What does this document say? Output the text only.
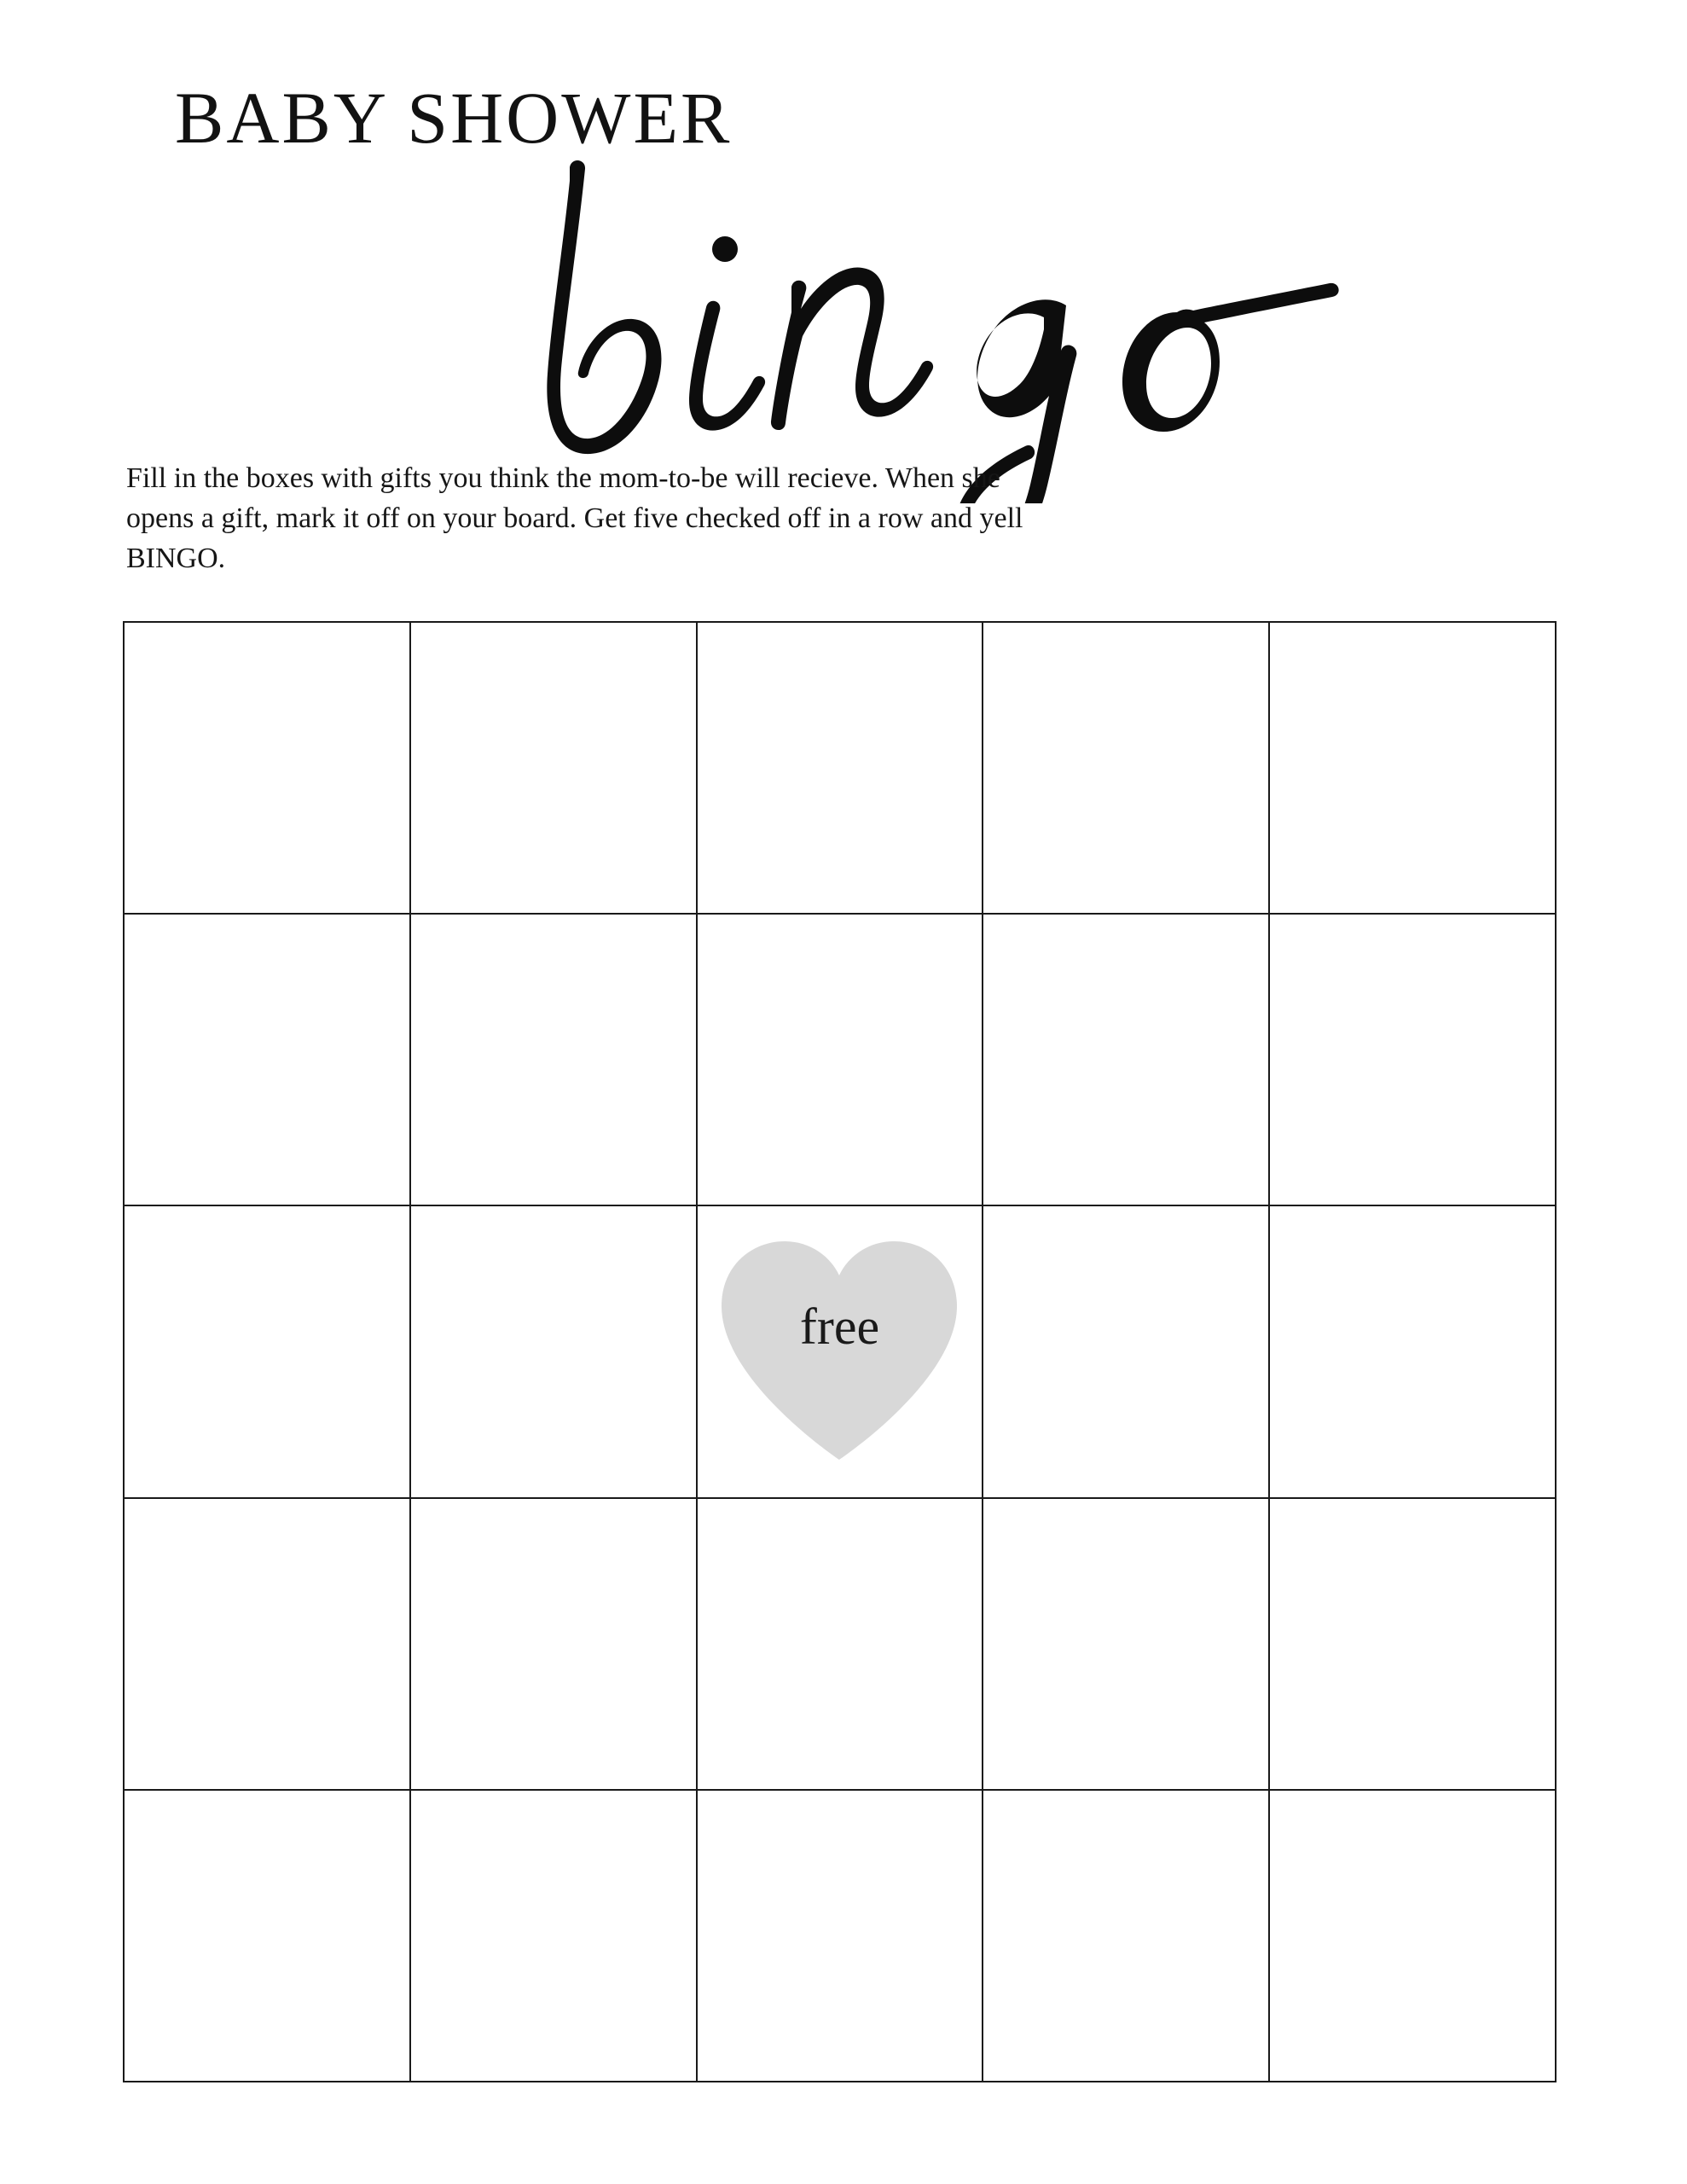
BABY SHOWER

Fill in the boxes with gifts you think the mom-to-be will recieve. When she opens a gift, mark it off on your board. Get five checked off in a row and yell BINGO.

		free		
